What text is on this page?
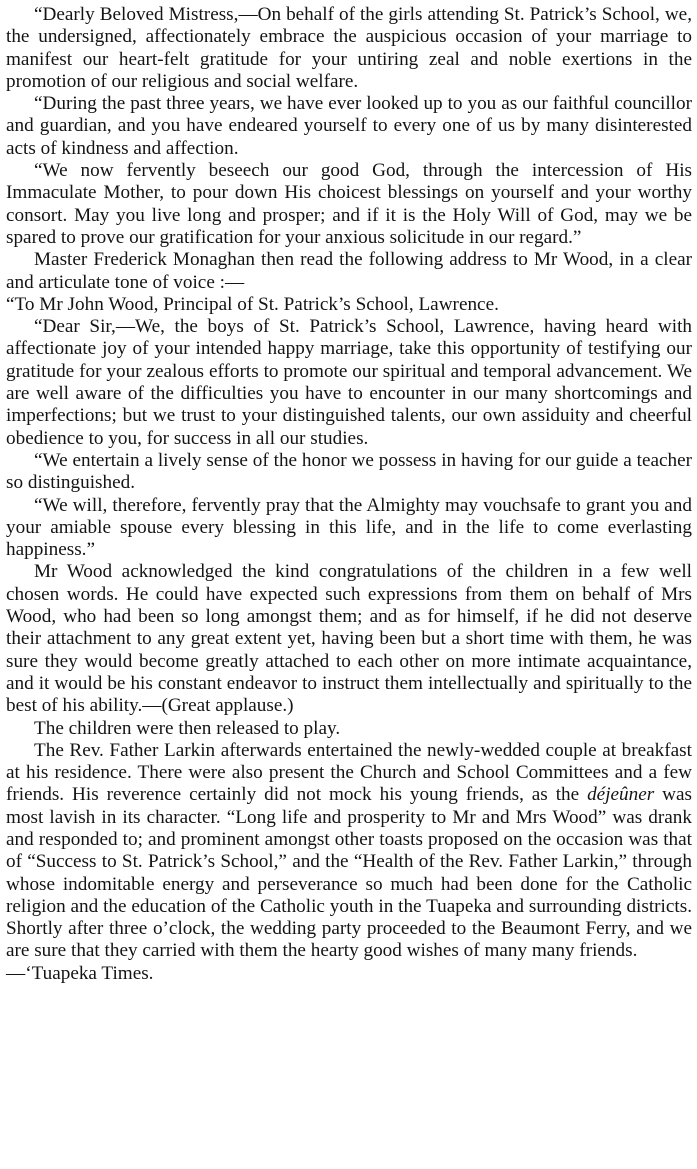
“Dearly Beloved Mistress,—On behalf of the girls attending St. Patrick’s School, we, the undersigned, affectionately embrace the auspicious occasion of your marriage to manifest our heart-felt gratitude for your untiring zeal and noble exertions in the promotion of our religious and social welfare.

“During the past three years, we have ever looked up to you as our faithful councillor and guardian, and you have endeared yourself to every one of us by many disinterested acts of kindness and affection.

“We now fervently beseech our good God, through the intercession of His Immaculate Mother, to pour down His choicest blessings on yourself and your worthy consort. May you live long and prosper; and if it is the Holy Will of God, may we be spared to prove our gratification for your anxious solicitude in our regard.”

Master Frederick Monaghan then read the following address to Mr Wood, in a clear and articulate tone of voice :—

“To Mr John Wood, Principal of St. Patrick’s School, Lawrence.

“Dear Sir,—We, the boys of St. Patrick’s School, Lawrence, having heard with affectionate joy of your intended happy marriage, take this opportunity of testifying our gratitude for your zealous efforts to promote our spiritual and temporal advancement. We are well aware of the difficulties you have to encounter in our many shortcomings and imperfections; but we trust to your distinguished talents, our own assiduity and cheerful obedience to you, for success in all our studies.

“We entertain a lively sense of the honor we possess in having for our guide a teacher so distinguished.

“We will, therefore, fervently pray that the Almighty may vouchsafe to grant you and your amiable spouse every blessing in this life, and in the life to come everlasting happiness.”

Mr Wood acknowledged the kind congratulations of the children in a few well chosen words. He could have expected such expressions from them on behalf of Mrs Wood, who had been so long amongst them; and as for himself, if he did not deserve their attachment to any great extent yet, having been but a short time with them, he was sure they would become greatly attached to each other on more intimate acquaintance, and it would be his constant endeavor to instruct them intellectually and spiritually to the best of his ability.—(Great applause.)

The children were then released to play.

The Rev. Father Larkin afterwards entertained the newly-wedded couple at breakfast at his residence. There were also present the Church and School Committees and a few friends. His reverence certainly did not mock his young friends, as the déjeûner was most lavish in its character. “Long life and prosperity to Mr and Mrs Wood” was drank and responded to; and prominent amongst other toasts proposed on the occasion was that of “Success to St. Patrick’s School,” and the “Health of the Rev. Father Larkin,” through whose indomitable energy and perseverance so much had been done for the Catholic religion and the education of the Catholic youth in the Tuapeka and surrounding districts. Shortly after three o’clock, the wedding party proceeded to the Beaumont Ferry, and we are sure that they carried with them the hearty good wishes of many many friends.

—‘Tuapeka Times.
